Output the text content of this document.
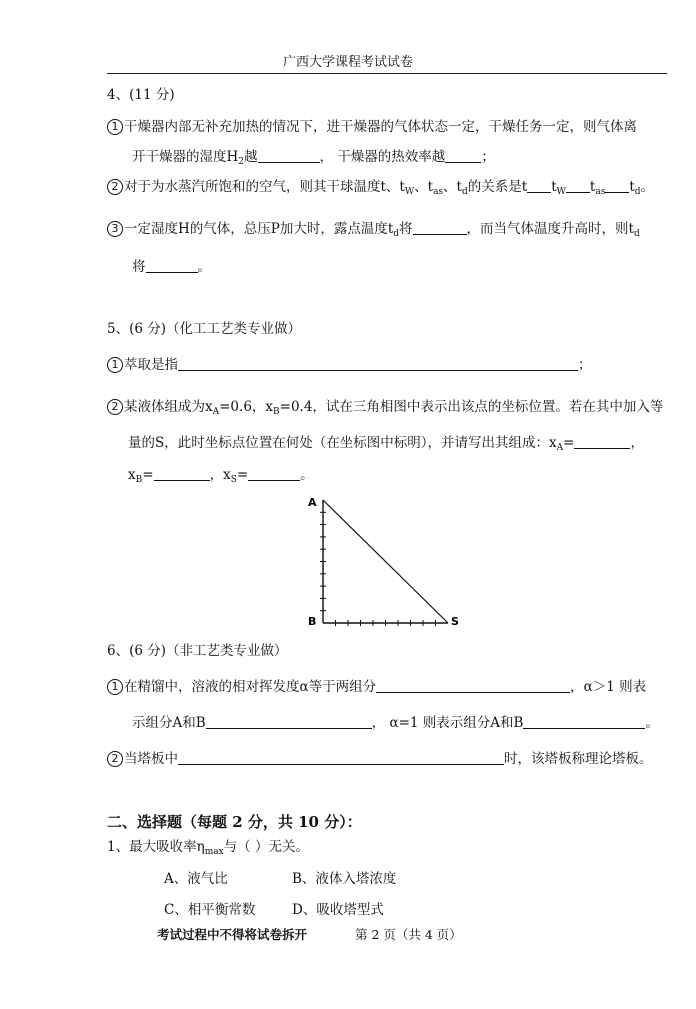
广西大学课程考试试卷
4、(11 分)
1 干燥器内部无补充加热的情况下，进干燥器的气体状态一定，干燥任务一定，则气体离
开干燥器的湿度$H_2$越	， 干燥器的热效率越	；
2 对于为水蒸汽所饱和的空气，则其干球温度t、$t_W$、$t_{as}$、$t_d$的关系是t $t_W$ $t_{as}$ $t_d$。
3 一定湿度H的气体，总压P加大时，露点温度$t_d$将	，而当气体温度升高时，则$t_d$
将	。
5、(6 分)（化工工艺类专业做）
1 萃取是指	；
2 某液体组成为$x_A=0.6$，$x_B=0.4$，试在三角相图中表示出该点的坐标位置。若在其中加入等
量的S，此时坐标点位置在何处（在坐标图中标明），并请写出其组成：$x_A=$	，
$x_B=$	，$x_S=$	。
A
B	S
6、(6 分)（非工艺类专业做）
1 在精馏中，溶液的相对挥发度α等于两组分	，α＞1 则表
示组分A和B	， α=1 则表示组分A和B	。
2 当塔板中	时，该塔板称理论塔板。
二、选择题（每题 2 分，共 10 分）：
1、最大吸收率$\eta_{max}$与（ ）无关。
A、液气比	B、液体入塔浓度
C、相平衡常数	D、吸收塔型式
考试过程中不得将试卷拆开	第 2 页（共 4 页）
